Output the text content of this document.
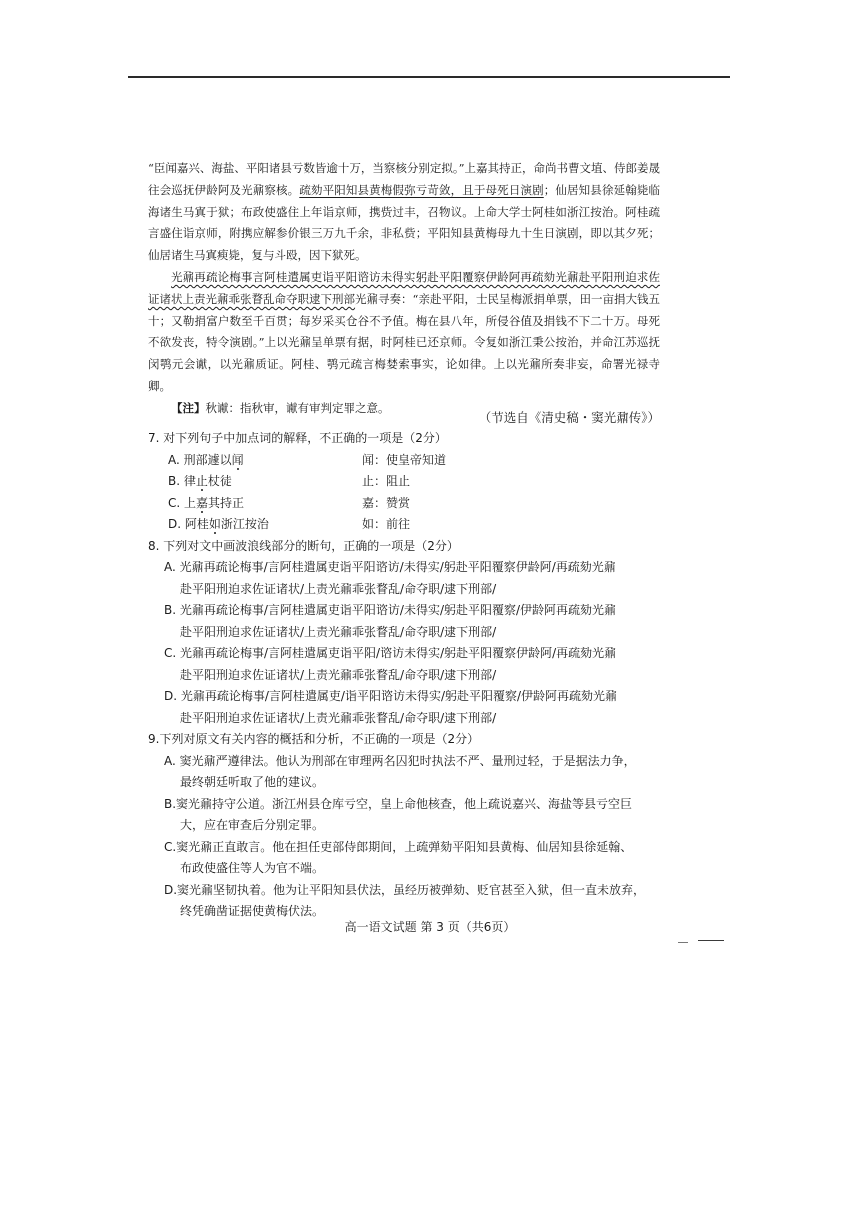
“臣闻嘉兴、海盐、平阳诸县亏数皆逾十万，当察核分别定拟。”上嘉其持正，命尚书曹文埴、侍郎姜晟往会巡抚伊龄阿及光鼐察核。疏劾平阳知县黄梅假弥亏苛敛，且于母死日演剧；仙居知县徐延翰毙临海诸生马寘于狱；布政使盛住上年诣京师，携赀过丰，召物议。上命大学士阿桂如浙江按治。阿桂疏言盛住诣京师，附携应解参价银三万九千余，非私赀；平阳知县黄梅母九十生日演剧，即以其夕死；仙居诸生马寘瘐毙，复与斗殴，因下狱死。

光鼐再疏论梅事言阿桂遣属吏诣平阳谘访未得实躬赴平阳覆察伊龄阿再疏劾光鼐赴平阳刑迫求佐证诸状上责光鼐乖张瞀乱命夺职逮下刑部光鼐寻奏：“亲赴平阳，士民呈梅派捐单票，田一亩捐大钱五十；又勒捐富户数至千百贯；每岁采买仓谷不予值。梅在县八年，所侵谷值及捐钱不下二十万。母死不欲发丧，特令演剧。”上以光鼐呈单票有据，时阿桂已还京师。令复如浙江秉公按治，并命江苏巡抚闵鹗元会谳，以光鼐质证。阿桂、鹗元疏言梅婪索事实，论如律。上以光鼐所奏非妄，命署光禄寺卿。

【注】秋谳：指秋审，谳有审判定罪之意。

（节选自《清史稿・窦光鼐传》）

7. 对下列句子中加点词的解释，不正确的一项是（2分）

A. 刑部遽以闻	闻：使皇帝知道
B. 律止杖徒	止：阻止
C. 上嘉其持正	嘉：赞赏
D. 阿桂如浙江按治	如：前往

8. 下列对文中画波浪线部分的断句，正确的一项是（2分）

A. 光鼐再疏论梅事/言阿桂遣属吏诣平阳谘访/未得实/躬赴平阳覆察伊龄阿/再疏劾光鼐
赴平阳刑迫求佐证诸状/上责光鼐乖张瞀乱/命夺职/逮下刑部/
B. 光鼐再疏论梅事/言阿桂遣属吏诣平阳谘访/未得实/躬赴平阳覆察/伊龄阿再疏劾光鼐
赴平阳刑迫求佐证诸状/上责光鼐乖张瞀乱/命夺职/逮下刑部/
C. 光鼐再疏论梅事/言阿桂遣属吏诣平阳/谘访未得实/躬赴平阳覆察伊龄阿/再疏劾光鼐
赴平阳刑迫求佐证诸状/上责光鼐乖张瞀乱/命夺职/逮下刑部/
D. 光鼐再疏论梅事/言阿桂遣属吏/诣平阳谘访未得实/躬赴平阳覆察/伊龄阿再疏劾光鼐
赴平阳刑迫求佐证诸状/上责光鼐乖张瞀乱/命夺职/逮下刑部/

9.下列对原文有关内容的概括和分析，不正确的一项是（2分）

A. 窦光鼐严遵律法。他认为刑部在审理两名囚犯时执法不严、量刑过轻，于是据法力争，
最终朝廷听取了他的建议。
B.窦光鼐持守公道。浙江州县仓库亏空，皇上命他核查，他上疏说嘉兴、海盐等县亏空巨
大，应在审查后分别定罪。
C.窦光鼐正直敢言。他在担任吏部侍郎期间，上疏弹劾平阳知县黄梅、仙居知县徐延翰、
布政使盛住等人为官不端。
D.窦光鼐坚韧执着。他为让平阳知县伏法，虽经历被弹劾、贬官甚至入狱，但一直未放弃，
终凭确凿证据使黄梅伏法。
高一语文试题 第 3 页（共6页）
